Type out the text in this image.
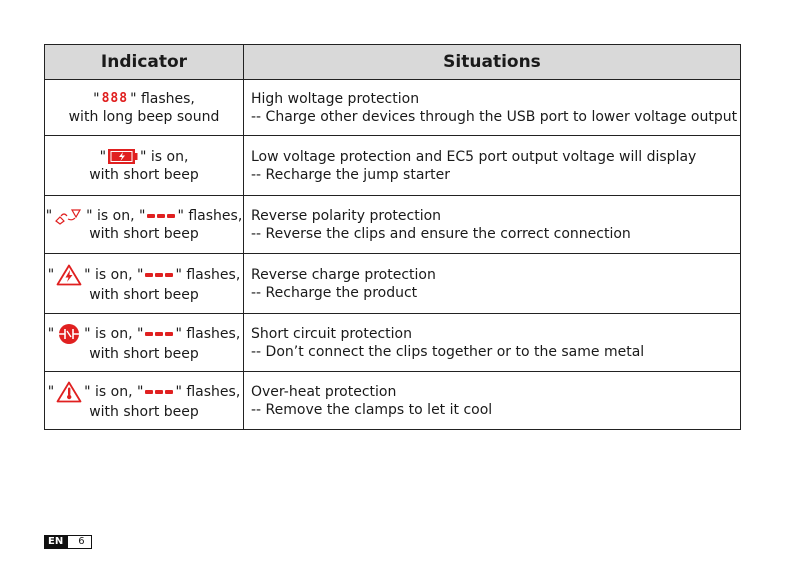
Indicator	Situations
" 888 " flashes,
with long beep sound
High woltage protection
-- Charge other devices through the USB port to lower voltage output
" " is on,
with short beep
Low voltage protection and EC5 port output voltage will display
-- Recharge the jump starter
" " is on, " " flashes,
with short beep
Reverse polarity protection
-- Reverse the clips and ensure the correct connection
" " is on, " " flashes,
with short beep
Reverse charge protection
-- Recharge the product
" " is on, " " flashes,
with short beep
Short circuit protection
-- Don’t connect the clips together or to the same metal
" " is on, " " flashes,
with short beep
Over-heat protection
-- Remove the clamps to let it cool
EN	6
